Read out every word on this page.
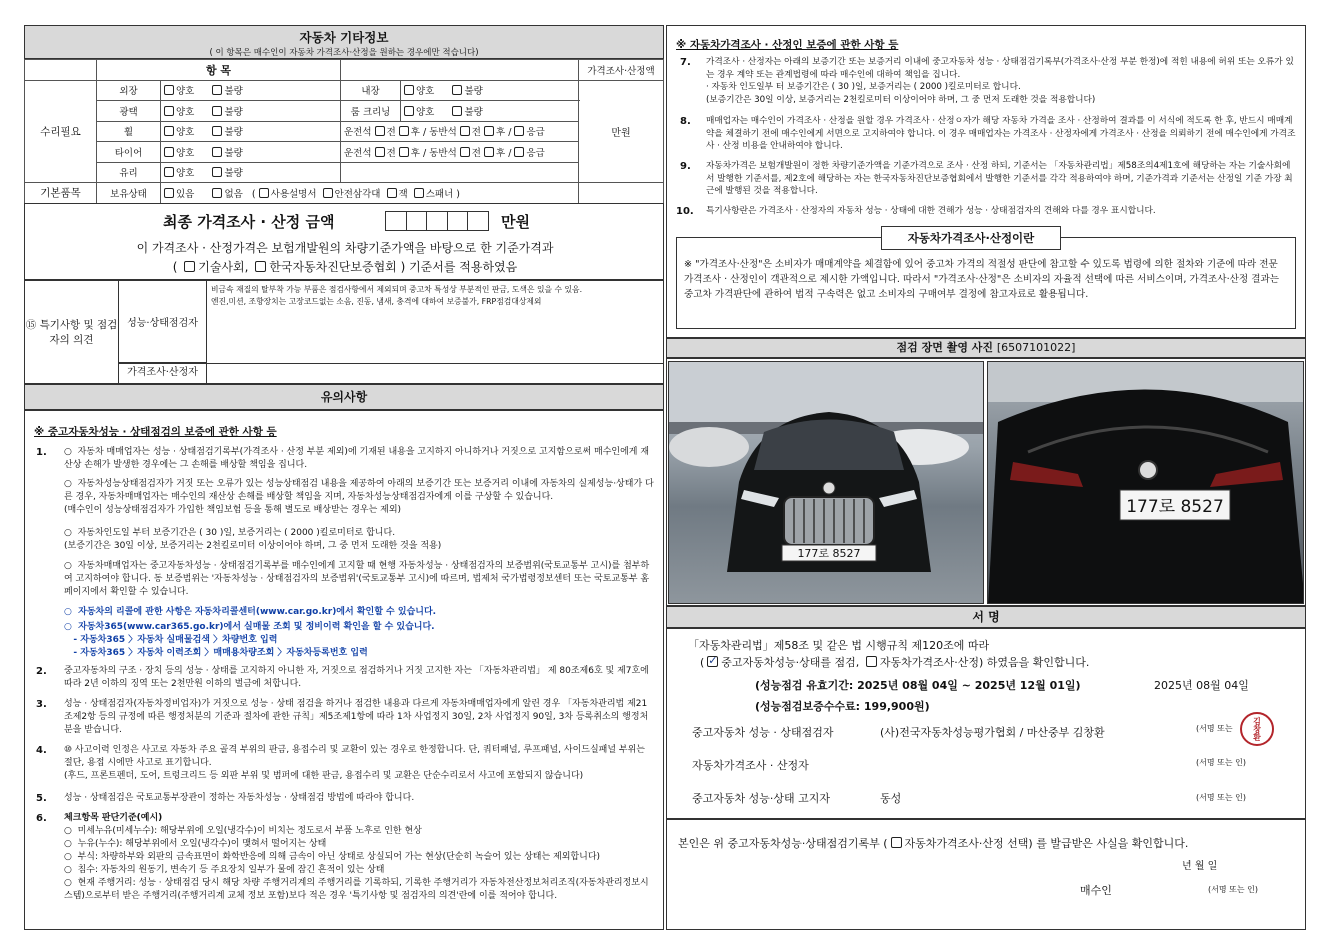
자동차 기타정보
( 이 항목은 매수인이 자동차 가격조사·산정을 원하는 경우에만 적습니다)
	항 목				가격조사·산정액
수리필요	외장	양호 불량	내장	양호 불량	만원
	광택	양호 불량	룸 크리닝	양호 불량	
	휠	양호 불량	운전석 전 후 / 동반석 전 후 / 응급		
	타이어	양호 불량	운전석 전 후 / 동반석 전 후 / 응급		
	유리	양호 불량			
기본품목	보유상태	있음 없음   ( 사용설명서 안전삼각대 잭 스패너 )			
최종 가격조사 · 산정 금액	만원
이 가격조사 · 산정가격은 보험개발원의 차량기준가액을 바탕으로 한 기준가격과
( 기술사회, 한국자동차진단보증협회 ) 기준서를 적용하였음
⑮ 특기사항 및 점검자의 의견
성능·상태점검자
비금속 재질의 탈부착 가능 부품은 점검사항에서 제외되며 중고차 특성상 부분적인 판금, 도색은 있을 수 있음.
엔진,미션, 조향장치는 고장코드없는 소음, 진동, 냄새, 충격에 대하여 보증불가, FRP점검대상제외
가격조사·산정자
유의사항
※ 중고자동차성능 · 상태점검의 보증에 관한 사항 등
1. ○  자동차 매매업자는 성능 · 상태점검기록부(가격조사 · 산정 부분 제외)에 기재된 내용을 고지하지 아니하거나 거짓으로 고지함으로써 매수인에게 재산상 손해가 발생한 경우에는 그 손해를 배상할 책임을 집니다.
○  자동차성능상태점검자가 거짓 또는 오류가 있는 성능상태점검 내용을 제공하여 아래의 보증기간 또는 보증거리 이내에 자동차의 실제성능·상태가 다른 경우, 자동차매매업자는 매수인의 재산상 손해를 배상할 책임을 지며, 자동차성능상태점검자에게 이를 구상할 수 있습니다.
(매수인이 성능상태점검자가 가입한 책임보험 등을 통해 별도로 배상받는 경우는 제외)
○  자동차인도일 부터 보증기간은 ( 30 )일, 보증거리는 ( 2000 )킬로미터로 합니다.
(보증기간은 30일 이상, 보증거리는 2천킬로미터 이상이어야 하며, 그 중 먼저 도래한 것을 적용)
○  자동차매매업자는 중고자동차성능 · 상태점검기록부를 매수인에게 고지할 때 현행 자동차성능 · 상태점검자의 보증범위(국토교통부 고시)를 첨부하여 고지하여야 합니다. 동 보증범위는 '자동차성능 · 상태점검자의 보증범위'(국토교통부 고시)에 따르며, 법제처 국가법령정보센터 또는 국토교통부 홈페이지에서 확인할 수 있습니다.
○  자동차의 리콜에 관한 사항은 자동차리콜센터(www.car.go.kr)에서 확인할 수 있습니다.
○  자동차365(www.car365.go.kr)에서 실매물 조회 및 정비이력 확인을 할 수 있습니다.
- 자동차365 〉자동차 실매물검색 〉차량번호 입력
- 자동차365 〉자동차 이력조회 〉매매용차량조회 〉자동차등록번호 입력
2. 중고자동차의 구조 · 장치 등의 성능 · 상태를 고지하지 아니한 자, 거짓으로 점검하거나 거짓 고지한 자는 「자동차관리법」 제 80조제6호 및 제7호에 따라 2년 이하의 징역 또는 2천만원 이하의 벌금에 처합니다.
3. 성능 · 상태점검자(자동차정비업자)가 거짓으로 성능 · 상태 점검을 하거나 점검한 내용과 다르게 자동차매매업자에게 알린 경우 「자동차관리법 제21조제2항 등의 규정에 따른 행정처분의 기준과 절차에 관한 규칙」제5조제1항에 따라 1차 사업정지 30일, 2차 사업정지 90일, 3차 등록취소의 행정처분을 받습니다.
4. ⑩ 사고이력 인정은 사고로 자동차 주요 골격 부위의 판금, 용접수리 및 교환이 있는 경우로 한정합니다. 단, 쿼터패널, 루프패널, 사이드실패널 부위는 절단, 용접 시에만 사고로 표기합니다.
(후드, 프론트펜더, 도어, 트렁크리드 등 외판 부위 및 범퍼에 대한 판금, 용접수리 및 교환은 단순수리로서 사고에 포함되지 않습니다)
5. 성능 · 상태점검은 국토교통부장관이 정하는 자동차성능 · 상태점검 방법에 따라야 합니다.
6. 체크항목 판단기준(예시)
○  미세누유(미세누수): 해당부위에 오일(냉각수)이 비치는 정도로서 부품 노후로 인한 현상
○  누유(누수): 해당부위에서 오일(냉각수)이 맺혀서 떨어지는 상태
○  부식: 차량하부와 외판의 금속표면이 화학반응에 의해 금속이 아닌 상태로 상실되어 가는 현상(단순히 녹슬어 있는 상태는 제외합니다)
○  침수: 자동차의 원동기, 변속기 등 주요장치 일부가 물에 잠긴 흔적이 있는 상태
○  현재 주행거리: 성능 · 상태점검 당시 해당 차량 주행거리계의 주행거리를 기록하되, 기록한 주행거리가 자동차전산정보처리조직(자동차관리정보시스템)으로부터 받은 주행거리(주행거리계 교체 정보 포함)보다 적은 경우 '특기사항 및 점검자의 의견'란에 이를 적어야 합니다.
※ 자동차가격조사 · 산정인 보증에 관한 사항 등
7. 가격조사 · 산정자는 아래의 보증기간 또는 보증거리 이내에 중고자동차 성능 · 상태점검기록부(가격조사·산정 부분 한정)에 적힌 내용에 허위 또는 오류가 있는 경우 계약 또는 관계법령에 따라 매수인에 대하여 책임을 집니다.
· 자동차 인도일부 터 보증기간은 ( 30 )일, 보증거리는 ( 2000 )킬로미터로 합니다.
(보증기간은 30일 이상, 보증거리는 2천킬로미터 이상이어야 하며, 그 중 먼저 도래한 것을 적용합니다)
8. 매매업자는 매수인이 가격조사 · 산정을 원할 경우 가격조사 · 산정ㅇ자가 해당 자동차 가격을 조사 · 산정하여 결과를 이 서식에 적도록 한 후, 반드시 매매계약을 체결하기 전에 매수인에게 서면으로 고지하여야 합니다. 이 경우 매매업자는 가격조사 · 산정자에게 가격조사 · 산정을 의뢰하기 전에 매수인에게 가격조사 · 산정 비용을 안내하여야 합니다.
9. 자동차가격은 보험개발원이 정한 차량기준가액을 기준가격으로 조사 · 산정 하되, 기준서는 「자동차관리법」제58조의4제1호에 해당하는 자는 기술사회에서 발행한 기준서를, 제2호에 해당하는 자는 한국자동차진단보증협회에서 발행한 기준서를 각각 적용하여야 하며, 기준가격과 기준서는 산정일 기준 가장 최근에 발행된 것을 적용합니다.
10. 특기사항란은 가격조사 · 산정자의 자동차 성능 · 상태에 대한 견해가 성능 · 상태점검자의 견해와 다를 경우 표시합니다.
자동차가격조사·산정이란
※ "가격조사·산정"은 소비자가 매매계약을 체결함에 있어 중고차 가격의 적절성 판단에 참고할 수 있도록 법령에 의한 절차와 기준에 따라 전문 가격조사 · 산정인이 객관적으로 제시한 가액입니다. 따라서 "가격조사·산정"은 소비자의 자율적 선택에 따른 서비스이며, 가격조사·산정 결과는 중고차 가격판단에 관하여 법적 구속력은 없고 소비자의 구매여부 결정에 참고자료로 활용됩니다.
점검 장면 촬영 사진 [6507101022]
177로 8527
177로 8527
서 명
「자동차관리법」제58조 및 같은 법 시행규칙 제120조에 따라
( ✓ 중고자동차성능·상태를 점검, 자동차가격조사·산정) 하였음을 확인합니다.
(성능점검 유효기간: 2025년 08월 04일 ~ 2025년 12월 01일)	2025년 08월 04일
(성능점검보증수수료: 199,900원)
중고자동차 성능 · 상태점검자	(사)전국자동차성능평가협회 / 마산중부 김창환	(서명 또는	김창환
자동차가격조사 · 산정자	(서명 또는 인)
중고자동차 성능·상태 고지자	동성	(서명 또는 인)
본인은 위 중고자동차성능·상태점검기록부 ( 자동차가격조사·산정 선택) 를 발급받은 사실을 확인합니다.
년 월 일
매수인	(서명 또는 인)
